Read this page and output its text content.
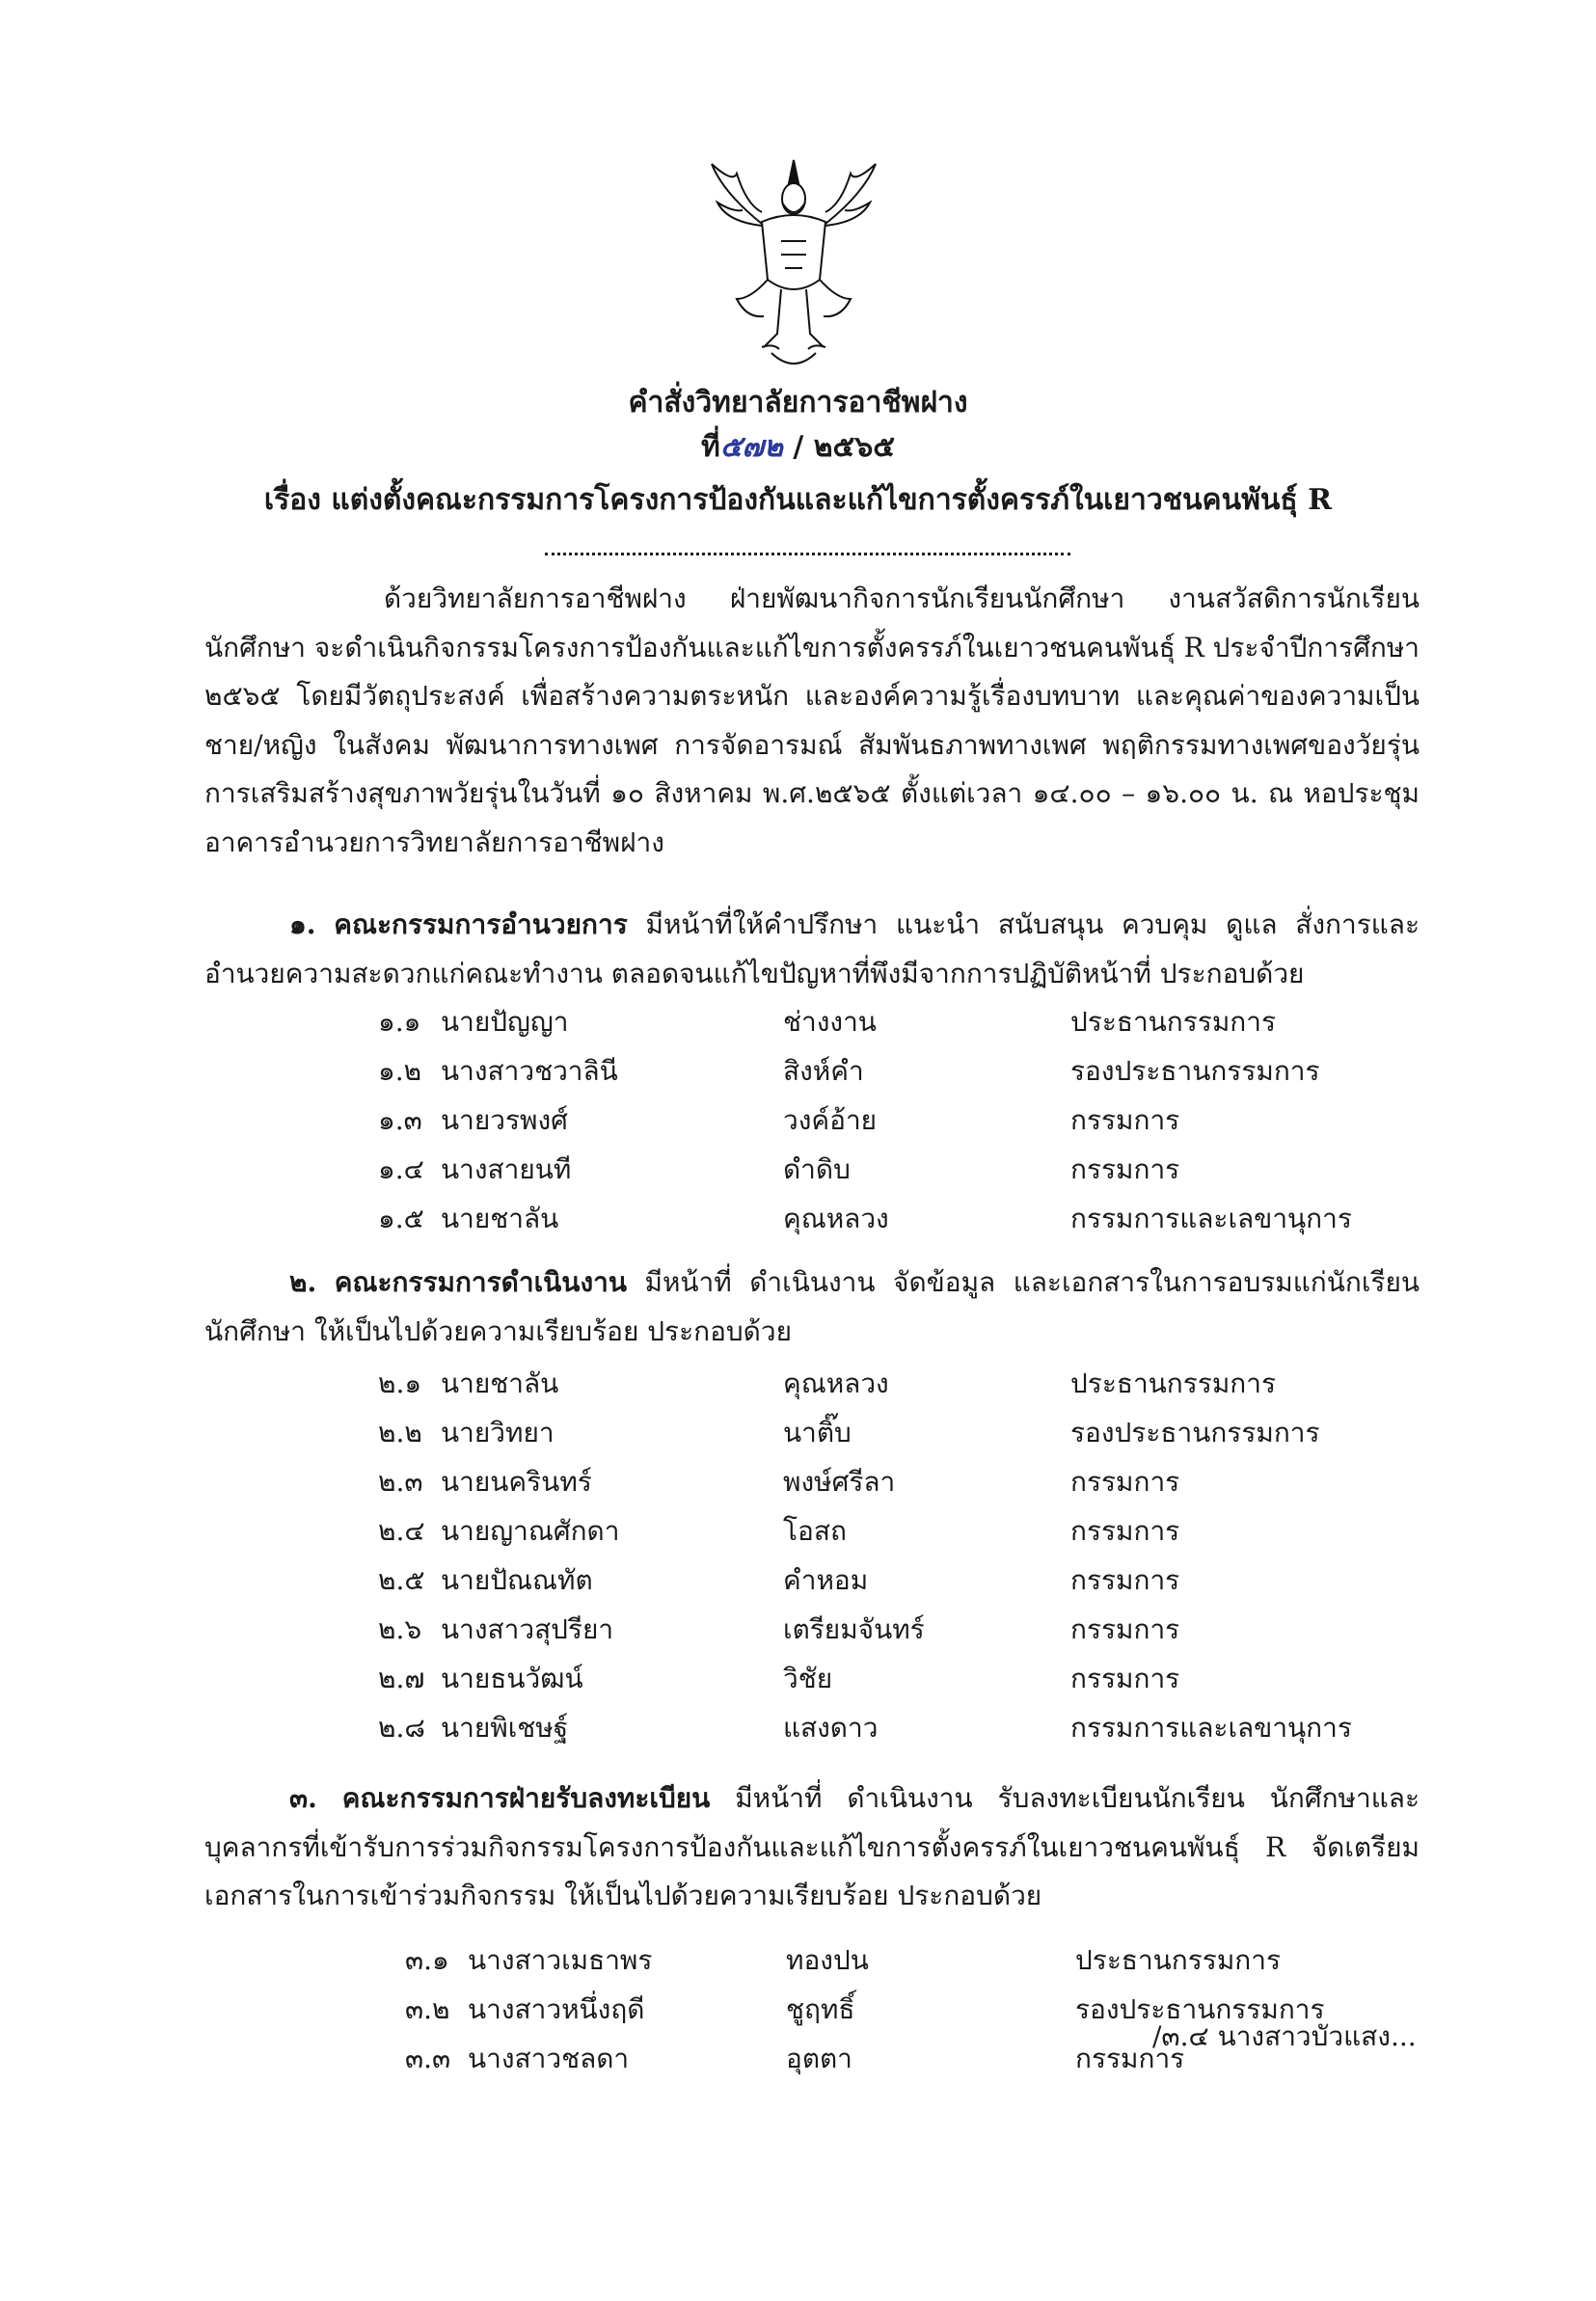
คำสั่งวิทยาลัยการอาชีพฝาง
ที่๕๗๒ / ๒๕๖๕
เรื่อง แต่งตั้งคณะกรรมการโครงการป้องกันและแก้ไขการตั้งครรภ์ในเยาวชนคนพันธุ์ R
ด้วยวิทยาลัยการอาชีพฝาง ฝ่ายพัฒนากิจการนักเรียนนักศึกษา งานสวัสดิการนักเรียนนักศึกษา จะดำเนินกิจกรรมโครงการป้องกันและแก้ไขการตั้งครรภ์ในเยาวชนคนพันธุ์ R ประจำปีการศึกษา ๒๕๖๕ โดยมีวัตถุประสงค์ เพื่อสร้างความตระหนัก และองค์ความรู้เรื่องบทบาท และคุณค่าของความเป็นชาย/หญิง ในสังคม พัฒนาการทางเพศ การจัดอารมณ์ สัมพันธภาพทางเพศ พฤติกรรมทางเพศของวัยรุ่น การเสริมสร้างสุขภาพวัยรุ่นในวันที่ ๑๐ สิงหาคม พ.ศ.๒๕๖๕ ตั้งแต่เวลา ๑๔.๐๐ – ๑๖.๐๐ น. ณ หอประชุมอาคารอำนวยการวิทยาลัยการอาชีพฝาง
๑. คณะกรรมการอำนวยการ มีหน้าที่ให้คำปรึกษา แนะนำ สนับสนุน ควบคุม ดูแล สั่งการและอำนวยความสะดวกแก่คณะทำงาน ตลอดจนแก้ไขปัญหาที่พึงมีจากการปฏิบัติหน้าที่ ประกอบด้วย
๑.๑ นายปัญญา	ช่างงาน	ประธานกรรมการ
๑.๒ นางสาวชวาลินี	สิงห์คำ	รองประธานกรรมการ
๑.๓ นายวรพงศ์	วงค์อ้าย	กรรมการ
๑.๔ นางสายนที	ดำดิบ	กรรมการ
๑.๕ นายชาลัน	คุณหลวง	กรรมการและเลขานุการ
๒. คณะกรรมการดำเนินงาน มีหน้าที่ ดำเนินงาน จัดข้อมูล และเอกสารในการอบรมแก่นักเรียนนักศึกษา ให้เป็นไปด้วยความเรียบร้อย ประกอบด้วย
๒.๑ นายชาลัน	คุณหลวง	ประธานกรรมการ
๒.๒ นายวิทยา	นาติ๊บ	รองประธานกรรมการ
๒.๓ นายนครินทร์	พงษ์ศรีลา	กรรมการ
๒.๔ นายญาณศักดา	โอสถ	กรรมการ
๒.๕ นายปัณณทัต	คำหอม	กรรมการ
๒.๖ นางสาวสุปรียา	เตรียมจันทร์	กรรมการ
๒.๗ นายธนวัฒน์	วิชัย	กรรมการ
๒.๘ นายพิเชษฐ์	แสงดาว	กรรมการและเลขานุการ
๓. คณะกรรมการฝ่ายรับลงทะเบียน มีหน้าที่ ดำเนินงาน รับลงทะเบียนนักเรียน นักศึกษาและบุคลากรที่เข้ารับการร่วมกิจกรรมโครงการป้องกันและแก้ไขการตั้งครรภ์ในเยาวชนคนพันธุ์ R จัดเตรียมเอกสารในการเข้าร่วมกิจกรรม ให้เป็นไปด้วยความเรียบร้อย ประกอบด้วย
๓.๑ นางสาวเมธาพร	ทองปน	ประธานกรรมการ
๓.๒ นางสาวหนึ่งฤดี	ชูฤทธิ์	รองประธานกรรมการ
๓.๓ นางสาวชลดา	อุตตา	กรรมการ
/๓.๔ นางสาวบัวแสง...
